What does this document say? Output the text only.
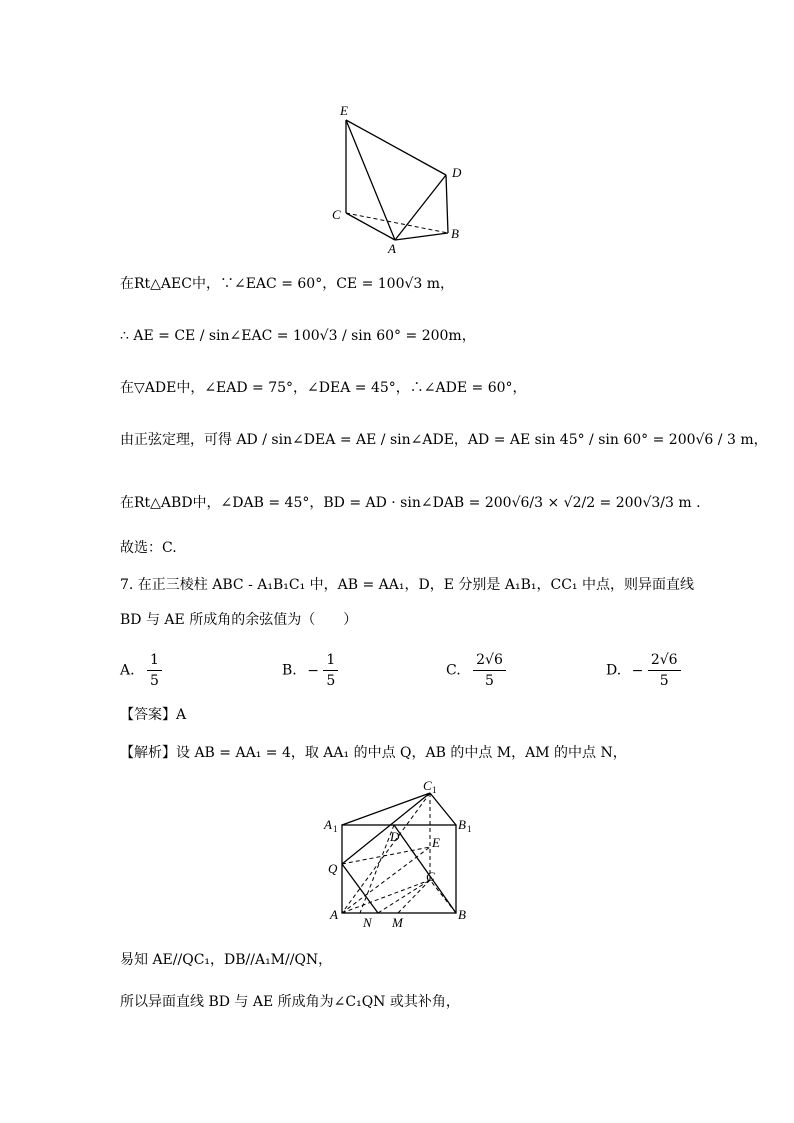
E
D
C
A
B
在Rt△AEC中，∵∠EAC = 60°，CE = 100√3 m，
∴ AE = CE / sin∠EAC = 100√3 / sin 60° = 200m，
在▽ADE中，∠EAD = 75°，∠DEA = 45°，∴∠ADE = 60°，
由正弦定理，可得 AD / sin∠DEA = AE / sin∠ADE，AD = AE sin 45° / sin 60° = 200√6 / 3 m，
在Rt△ABD中，∠DAB = 45°，BD = AD · sin∠DAB = 200√6/3 × √2/2 = 200√3/3 m .
故选：C.
7. 在正三棱柱 ABC - A₁B₁C₁ 中，AB = AA₁，D，E 分别是 A₁B₁，CC₁ 中点，则异面直线
BD 与 AE 所成角的余弦值为（　　）
A. $\frac{1}{5}$	B. − $\frac{1}{5}$	C. $\frac{2√6}{5}$	D. − $\frac{2√6}{5}$
【答案】A
【解析】设 AB = AA₁ = 4，取 AA₁ 的中点 Q，AB 的中点 M，AM 的中点 N，
C 1
A 1	B 1
D	E
Q
C
A
N M
B
易知 AE//QC₁，DB//A₁M//QN，
所以异面直线 BD 与 AE 所成角为∠C₁QN 或其补角，
